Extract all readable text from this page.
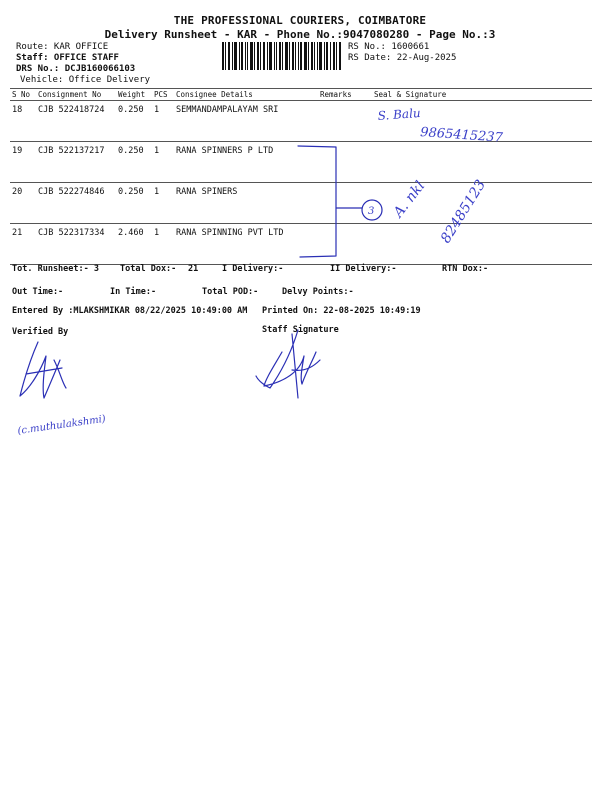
THE PROFESSIONAL COURIERS, COIMBATORE
Delivery Runsheet - KAR - Phone No.:9047080280 - Page No.:3
Route: KAR OFFICE
Staff: OFFICE STAFF
DRS No.: DCJB160066103
Vehicle: Office Delivery
RS No.: 1600661
RS Date: 22-Aug-2025
S No	Consignment No	Weight	PCS	Consignee Details	Remarks	Seal & Signature
18	CJB 522418724	0.250	1	SEMMANDAMPALAYAM SRI		
19	CJB 522137217	0.250	1	RANA SPINNERS P LTD		
20	CJB 522274846	0.250	1	RANA SPINERS		
21	CJB 522317334	2.460	1	RANA SPINNING PVT LTD		
Tot. Runsheet:- 3 Total Dox:- 21	I Delivery:-	II Delivery:-	RTN Dox:-
Out Time:-	In Time:-	Total POD:-	Delvy Points:-
Entered By :MLAKSHMIKAR 08/22/2025 10:49:00 AM Printed On: 22-08-2025 10:49:19
Verified By	Staff Signature
S. Balu
9865415237
3 A. nkl 82485123
(c.muthulakshmi)
